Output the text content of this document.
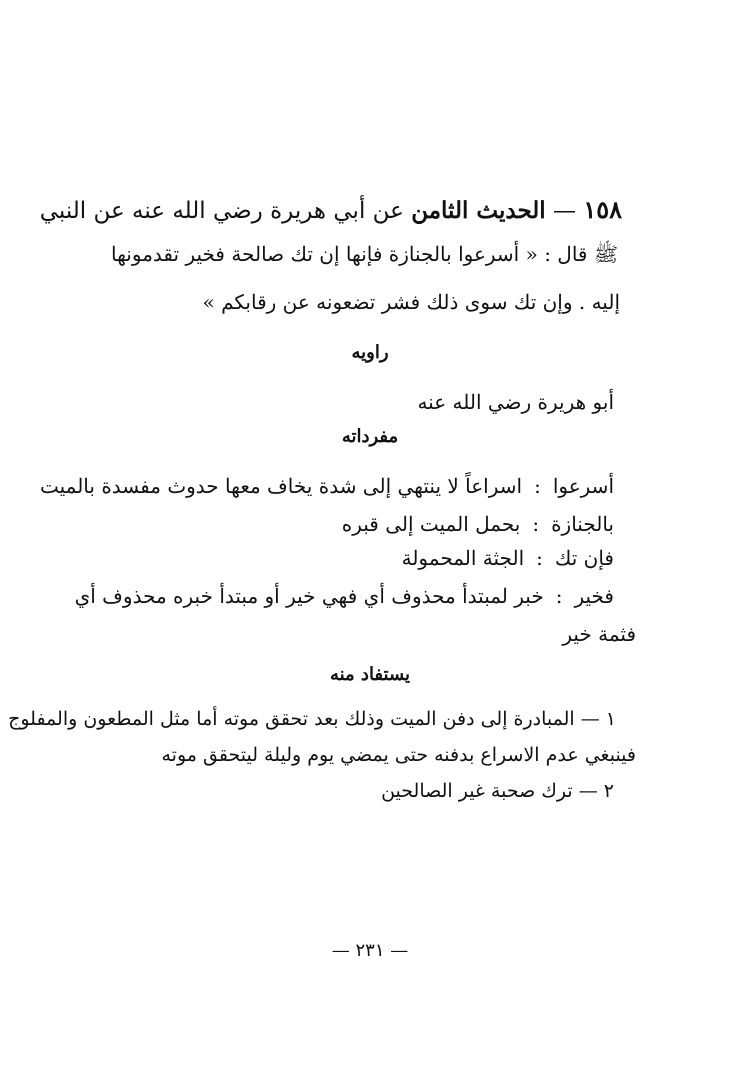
١٥٨ — الحديث الثامن عن أبي هريرة رضي الله عنه عن النبي
ﷺ قال : « أسرعوا بالجنازة فإنها إن تك صالحة فخير تقدمونها
إليه . وإن تك سوى ذلك فشر تضعونه عن رقابكم »
راويه
أبو هريرة رضي الله عنه
مفرداته
أسرعوا:اسراعاً لا ينتهي إلى شدة يخاف معها حدوث مفسدة بالميت
بالجنازة:بحمل الميت إلى قبره
فإن تك:الجثة المحمولة
فخير:خبر لمبتدأ محذوف أي فهي خير أو مبتدأ خبره محذوف أي
فثمة خير
يستفاد منه
١ — المبادرة إلى دفن الميت وذلك بعد تحقق موته أما مثل المطعون والمفلوج
فينبغي عدم الاسراع بدفنه حتى يمضي يوم وليلة ليتحقق موته
٢ — ترك صحبة غير الصالحين
— ٢٣١ —
